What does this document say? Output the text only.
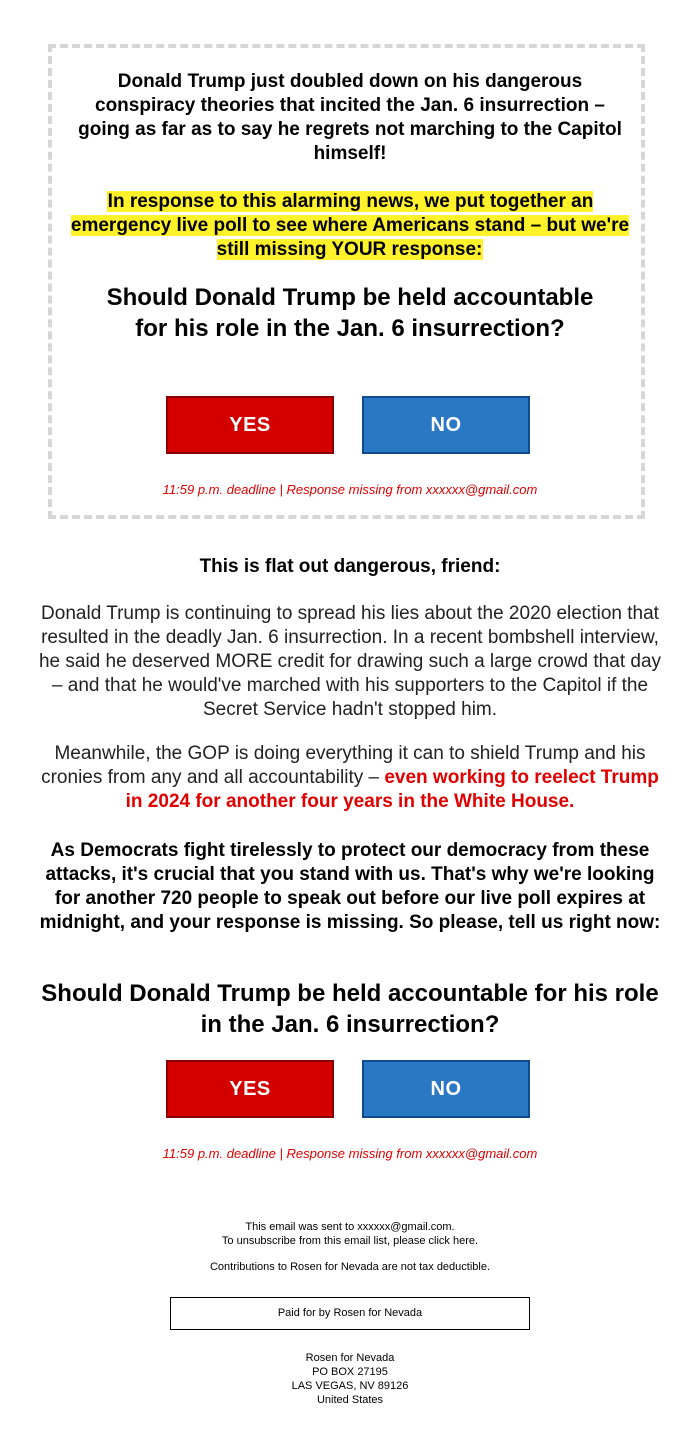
Donald Trump just doubled down on his dangerous conspiracy theories that incited the Jan. 6 insurrection – going as far as to say he regrets not marching to the Capitol himself!
In response to this alarming news, we put together an emergency live poll to see where Americans stand – but we're still missing YOUR response:
Should Donald Trump be held accountable for his role in the Jan. 6 insurrection?
YES	NO
11:59 p.m. deadline | Response missing from xxxxxx@gmail.com
This is flat out dangerous, friend:
Donald Trump is continuing to spread his lies about the 2020 election that resulted in the deadly Jan. 6 insurrection. In a recent bombshell interview, he said he deserved MORE credit for drawing such a large crowd that day – and that he would've marched with his supporters to the Capitol if the Secret Service hadn't stopped him.
Meanwhile, the GOP is doing everything it can to shield Trump and his cronies from any and all accountability – even working to reelect Trump in 2024 for another four years in the White House.
As Democrats fight tirelessly to protect our democracy from these attacks, it's crucial that you stand with us. That's why we're looking for another 720 people to speak out before our live poll expires at midnight, and your response is missing. So please, tell us right now:
Should Donald Trump be held accountable for his role in the Jan. 6 insurrection?
YES	NO
11:59 p.m. deadline | Response missing from xxxxxx@gmail.com
This email was sent to xxxxxx@gmail.com.
To unsubscribe from this email list, please click here.
Contributions to Rosen for Nevada are not tax deductible.
Paid for by Rosen for Nevada
Rosen for Nevada
PO BOX 27195
LAS VEGAS, NV 89126
United States
